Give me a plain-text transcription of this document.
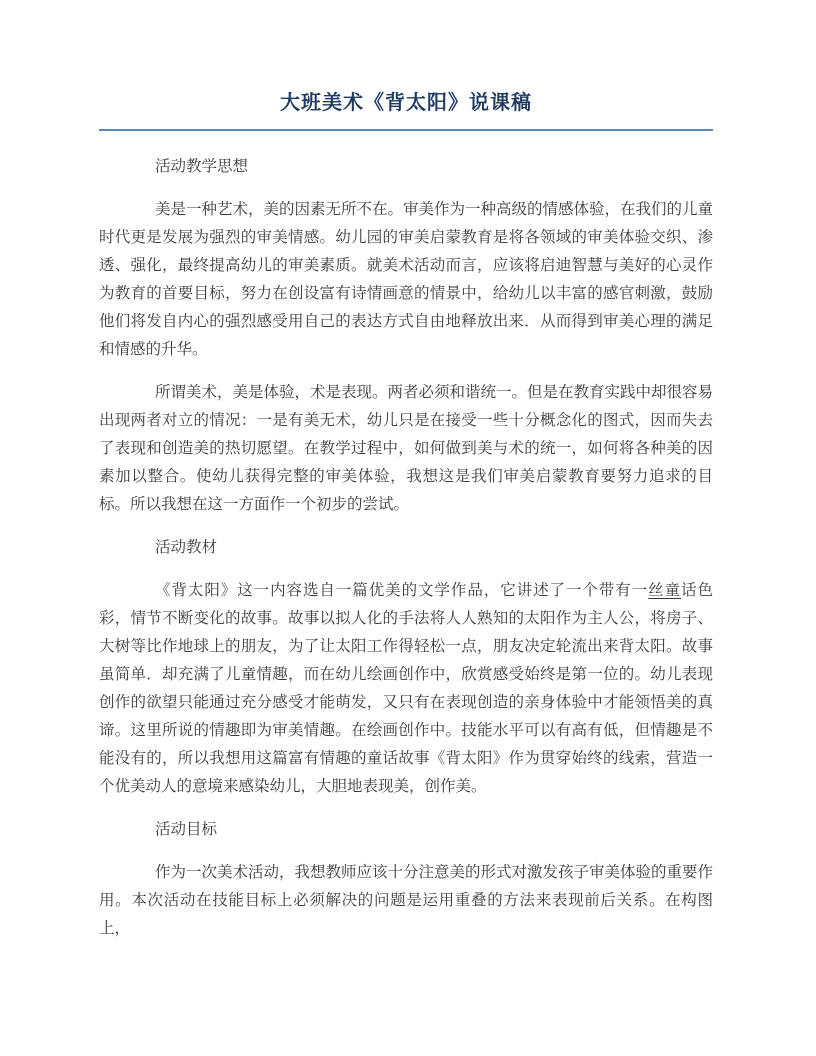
大班美术《背太阳》说课稿

活动教学思想

美是一种艺术，美的因素无所不在。审美作为一种高级的情感体验，在我们的儿童时代更是发展为强烈的审美情感。幼儿园的审美启蒙教育是将各领域的审美体验交织、渗透、强化，最终提高幼儿的审美素质。就美术活动而言，应该将启迪智慧与美好的心灵作为教育的首要目标，努力在创设富有诗情画意的情景中，给幼儿以丰富的感官刺激，鼓励他们将发自内心的强烈感受用自己的表达方式自由地释放出来．从而得到审美心理的满足和情感的升华。

所谓美术，美是体验，术是表现。两者必须和谐统一。但是在教育实践中却很容易出现两者对立的情况：一是有美无术，幼儿只是在接受一些十分概念化的图式，因而失去了表现和创造美的热切愿望。在教学过程中，如何做到美与术的统一，如何将各种美的因素加以整合。使幼儿获得完整的审美体验，我想这是我们审美启蒙教育要努力追求的目标。所以我想在这一方面作一个初步的尝试。

活动教材

《背太阳》这一内容选自一篇优美的文学作品，它讲述了一个带有一丝童话色彩，情节不断变化的故事。故事以拟人化的手法将人人熟知的太阳作为主人公，将房子、大树等比作地球上的朋友，为了让太阳工作得轻松一点，朋友决定轮流出来背太阳。故事虽简单．却充满了儿童情趣，而在幼儿绘画创作中，欣赏感受始终是第一位的。幼儿表现创作的欲望只能通过充分感受才能萌发，又只有在表现创造的亲身体验中才能领悟美的真谛。这里所说的情趣即为审美情趣。在绘画创作中。技能水平可以有高有低，但情趣是不能没有的，所以我想用这篇富有情趣的童话故事《背太阳》作为贯穿始终的线索，营造一个优美动人的意境来感染幼儿，大胆地表现美，创作美。

活动目标

作为一次美术活动，我想教师应该十分注意美的形式对激发孩子审美体验的重要作用。本次活动在技能目标上必须解决的问题是运用重叠的方法来表现前后关系。在构图上，
